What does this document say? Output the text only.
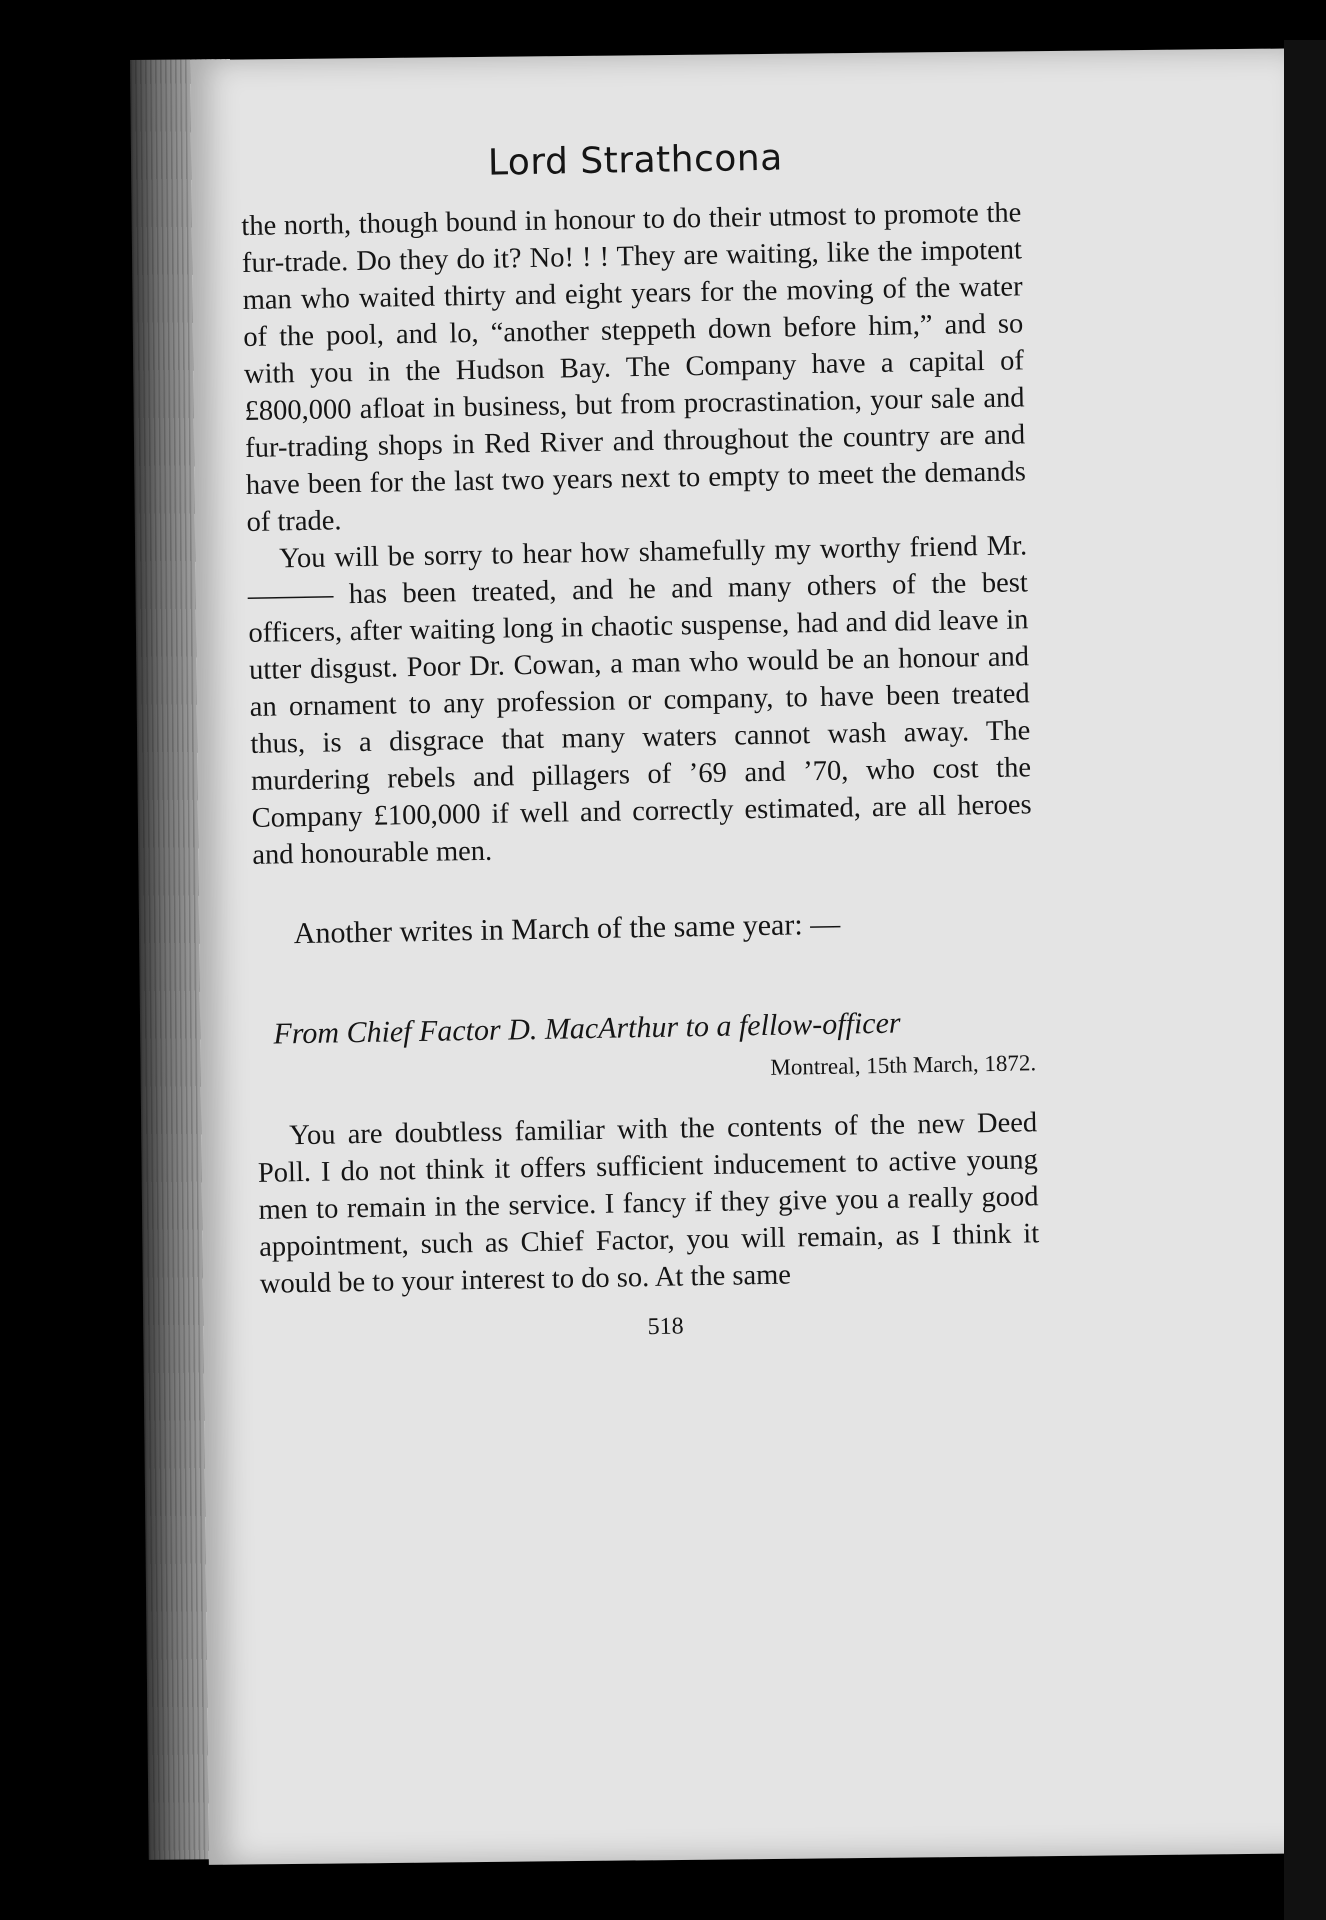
Lord Strathcona

the north, though bound in honour to do their utmost to promote the fur-trade. Do they do it? No! ! ! They are waiting, like the impotent man who waited thirty and eight years for the moving of the water of the pool, and lo, “another steppeth down before him,” and so with you in the Hudson Bay. The Company have a capital of £800,000 afloat in business, but from procrastination, your sale and fur-trading shops in Red River and throughout the country are and have been for the last two years next to empty to meet the demands of trade.

You will be sorry to hear how shamefully my worthy friend Mr. ——— has been treated, and he and many others of the best officers, after waiting long in chaotic suspense, had and did leave in utter disgust. Poor Dr. Cowan, a man who would be an honour and an ornament to any profession or company, to have been treated thus, is a disgrace that many waters cannot wash away. The murdering rebels and pillagers of ’69 and ’70, who cost the Company £100,000 if well and correctly estimated, are all heroes and honourable men.

Another writes in March of the same year: —

From Chief Factor D. MacArthur to a fellow-officer

Montreal, 15th March, 1872.

You are doubtless familiar with the contents of the new Deed Poll. I do not think it offers sufficient inducement to active young men to remain in the service. I fancy if they give you a really good appointment, such as Chief Factor, you will remain, as I think it would be to your interest to do so. At the same

518
